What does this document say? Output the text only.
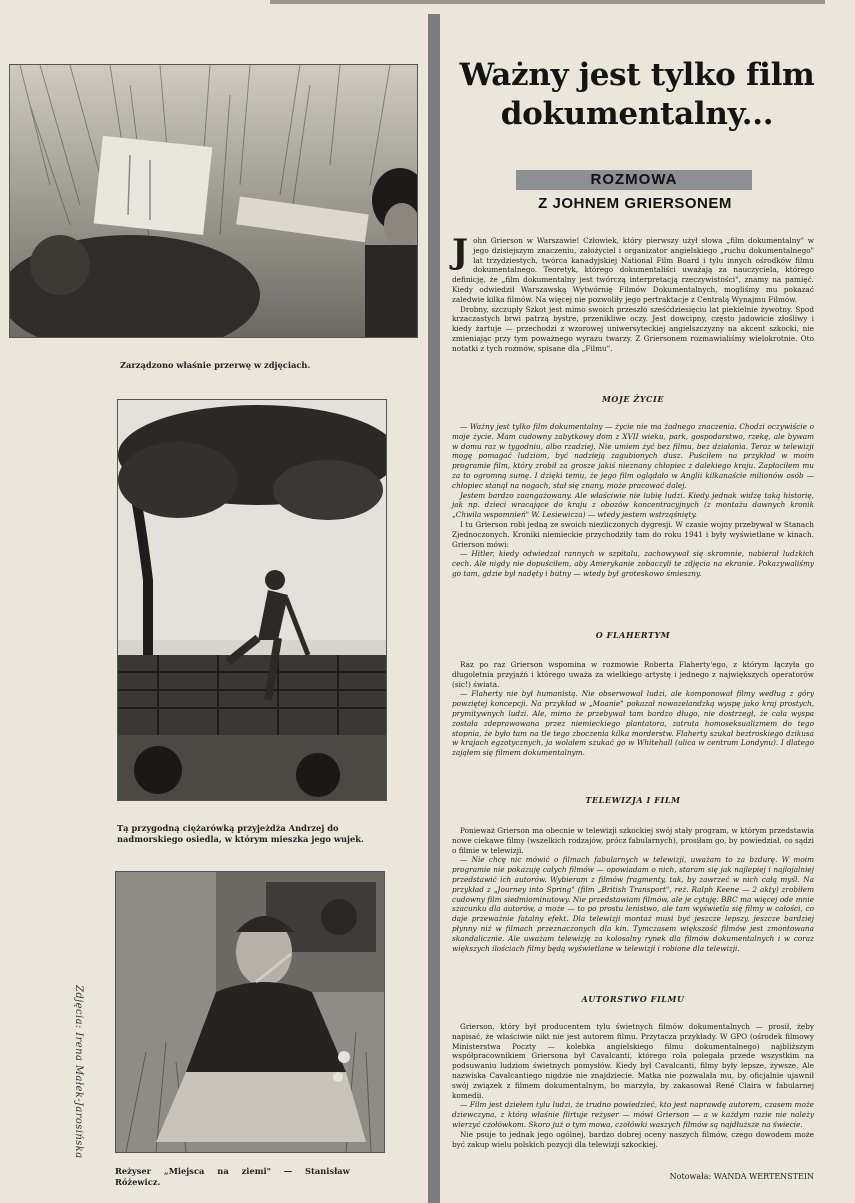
Zarządzono właśnie przerwę w zdjęciach.
Tą przygodną ciężarówką przyjeżdża Andrzej do nadmorskiego osiedla, w którym mieszka jego wujek.
Reżyser „Miejsca na ziemi" — Stanisław Różewicz.
Zdjęcia: Irena Małek-Jarosińska
Ważny jest tylko film dokumentalny...
ROZMOWA
Z JOHNEM GRIERSONEM
J ohn Grierson w Warszawie! Człowiek, który pierwszy użył słowa „film dokumentalny" w jego dzisiejszym znaczeniu, założyciel i organizator angielskiego „ruchu dokumentalnego" lat trzydziestych, twórca kanadyjskiej National Film Board i tylu innych ośrodków filmu dokumentalnego. Teoretyk, którego dokumentaliści uważają za nauczyciela, którego definicję, że „film dokumentalny jest twórczą interpretacją rzeczywistości", znamy na pamięć. Kiedy odwiedził Warszawską Wytwórnię Filmów Dokumentalnych, mogliśmy mu pokazać zaledwie kilka filmów. Na więcej nie pozwoliły jego pertraktacje z Centralą Wynajmu Filmów.

Drobny, szczupły Szkot jest mimo swoich przeszło sześćdziesięciu lat piekielnie żywotny. Spod krzaczastych brwi patrzą bystre, przenikliwe oczy. Jest dowcipny, często jadowicie złośliwy i kiedy żartuje — przechodzi z wzorowej uniwersyteckiej angielszczyzny na akcent szkocki, nie zmieniając przy tym poważnego wyrazu twarzy. Z Griersonem rozmawialiśmy wielokrotnie. Oto notatki z tych rozmów, spisane dla „Filmu".

MOJE ŻYCIE

— Ważny jest tylko film dokumentalny — życie nie ma żadnego znaczenia. Chodzi oczywiście o moje życie. Mam cudowny zabytkowy dom z XVII wieku, park, gospodarstwo, rzekę, ale bywam w domu raz w tygodniu, albo rzadziej. Nie umiem żyć bez filmu, bez działania. Teraz w telewizji mogę pomagać ludziom, być nadzieją zagubionych dusz. Puściłem na przykład w moim programie film, który zrobił za grosze jakiś nieznany chłopiec z dalekiego kraju. Zapłaciłem mu za to ogromną sumę. I dzięki temu, że jego film oglądało w Anglii kilkanaście milionów osób — chłopiec stanął na nogach, stał się znany, może pracować dalej.

Jestem bardzo zaangażowany. Ale właściwie nie lubię ludzi. Kiedy jednak widzę taką historię, jak np. dzieci wracające do kraju z obozów koncentracyjnych (z montażu dawnych kronik „Chwila wspomnień" W. Lesiewicza) — wtedy jestem wstrząśnięty.

I tu Grierson robi jedną ze swoich niezliczonych dygresji. W czasie wojny przebywał w Stanach Zjednoczonych. Kroniki niemieckie przychodziły tam do roku 1941 i były wyświetlane w kinach. Grierson mówi:

— Hitler, kiedy odwiedzał rannych w szpitalu, zachowywał się skromnie, nabierał ludzkich cech. Ale nigdy nie dopuściłem, aby Amerykanie zobaczyli te zdjęcia na ekranie. Pokazywaliśmy go tam, gdzie był nadęty i butny — wtedy był groteskowo śmieszny.

O FLAHERTYM

Raz po raz Grierson wspomina w rozmowie Roberta Flaherty'ego, z którym łączyła go długoletnia przyjaźń i którego uważa za wielkiego artystę i jednego z największych operatorów (sic!) świata.

— Flaherty nie był humanistą. Nie obserwował ludzi, ale komponował filmy według z góry powziętej koncepcji. Na przykład w „Moanie" pokazał nowozelandzką wyspę jako kraj prostych, prymitywnych ludzi. Ale, mimo że przebywał tam bardzo długo, nie dostrzegł, że cała wyspa została zdeprawowana przez niemieckiego plantatora, zatruta homoseksualizmem do tego stopnia, że było tam na tle tego zboczenia kilka morderstw. Flaherty szukał beztroskiego dzikusa w krajach egzotycznych, ja wolałem szukać go w Whitehall (ulica w centrum Londynu). I dlatego zająłem się filmem dokumentalnym.

TELEWIZJA I FILM

Ponieważ Grierson ma obecnie w telewizji szkockiej swój stały program, w którym przedstawia nowe ciekawe filmy (wszelkich rodzajów, prócz fabularnych), prosiłam go, by powiedział, co sądzi o filmie w telewizji.

— Nie chcę nic mówić o filmach fabularnych w telewizji, uważam to za bzdurę. W moim programie nie pokazuję całych filmów — opowiadam o nich, staram się jak najlepiej i najlojalniej przedstawić ich autorów. Wybieram z filmów fragmenty, tak, by zawrzeć w nich całą myśl. Na przykład z „Journey into Spring" (film „British Transport", reż. Ralph Keene — 2 akty) zrobiłem cudowny film siedmiominutowy. Nie przedstawiam filmów, ale je cytuję. BBC ma więcej ode mnie szacunku dla autorów, a może — to po prostu lenistwo, ale tam wyświetla się filmy w całości, co daje przeważnie fatalny efekt. Dla telewizji montaż musi być jeszcze lepszy, jeszcze bardziej płynny niż w filmach przeznaczonych dla kin. Tymczasem większość filmów jest zmontowana skandalicznie. Ale uważam telewizję za kolosalny rynek dla filmów dokumentalnych i w coraz większych ilościach filmy będą wyświetlane w telewizji i robione dla telewizji.

AUTORSTWO FILMU

Grierson, który był producentem tylu świetnych filmów dokumentalnych — prosił, żeby napisać, że właściwie nikt nie jest autorem filmu. Przytacza przykłady. W GPO (ośrodek filmowy Ministerstwa Poczty — kolebka angielskiego filmu dokumentalnego) najbliższym współpracownikiem Griersona był Cavalcanti, którego rola polegała przede wszystkim na podsuwaniu ludziom świetnych pomysłów. Kiedy był Cavalcanti, filmy były lepsze, żywsze. Ale nazwiska Cavalcantiego nigdzie nie znajdziecie. Matka nie pozwalała mu, by oficjalnie ujawnił swój związek z filmem dokumentalnym, bo marzyła, by zakasował René Claira w fabularnej komedii.

— Film jest dziełem tylu ludzi, że trudno powiedzieć, kto jest naprawdę autorem, czasem może dziewczyna, z którą właśnie flirtuje reżyser — mówi Grierson — a w każdym razie nie należy wierzyć czołówkom. Skoro już o tym mowa, czołówki waszych filmów są najdłuższe na świecie.

Nie psuje to jednak jego ogólnej, bardzo dobrej oceny naszych filmów, czego dowodem może być zakup wielu polskich pozycji dla telewizji szkockiej.

Notowała: WANDA WERTENSTEIN
